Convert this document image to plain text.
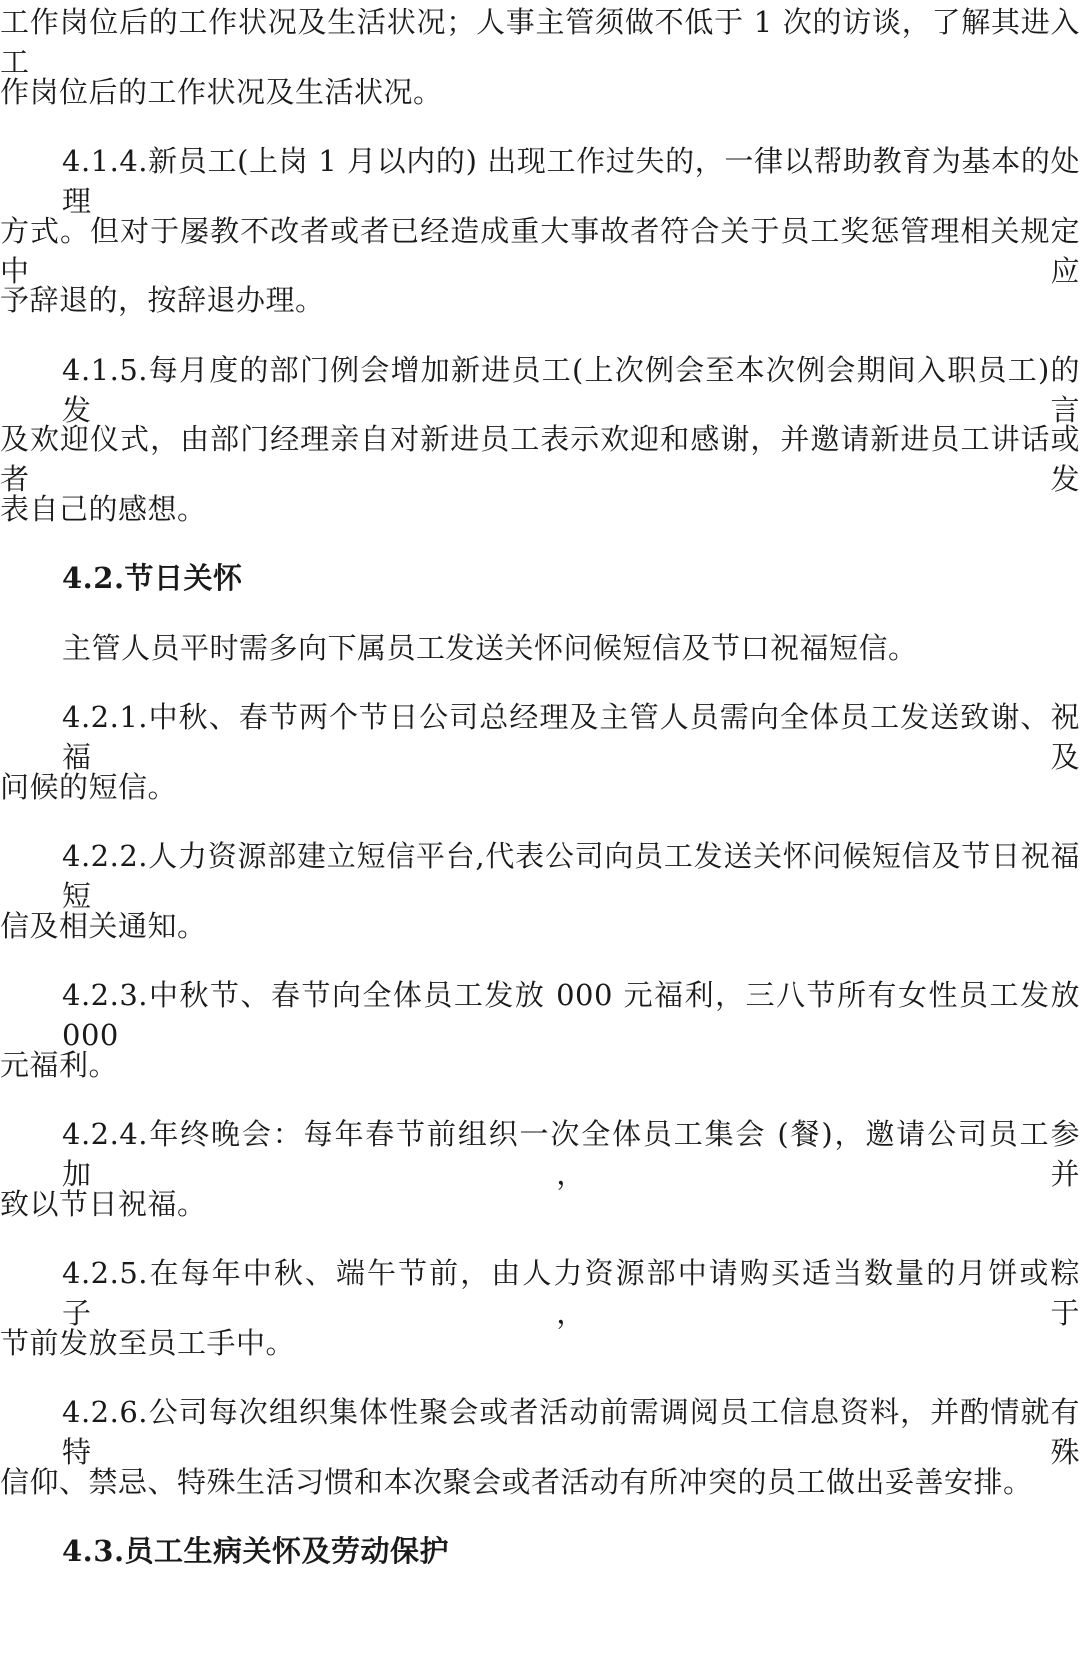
工作岗位后的工作状况及生活状况；人事主管须做不低于 1 次的访谈，了解其进入工
作岗位后的工作状况及生活状况。
4.1.4.新员工(上岗 1 月以内的) 出现工作过失的，一律以帮助教育为基本的处理
方式。但对于屡教不改者或者已经造成重大事故者符合关于员工奖惩管理相关规定中应
予辞退的，按辞退办理。
4.1.5.每月度的部门例会增加新进员工(上次例会至本次例会期间入职员工)的发言
及欢迎仪式，由部门经理亲自对新进员工表示欢迎和感谢，并邀请新进员工讲话或者发
表自己的感想。
4.2.节日关怀
主管人员平时需多向下属员工发送关怀问候短信及节口祝福短信。
4.2.1.中秋、春节两个节日公司总经理及主管人员需向全体员工发送致谢、祝福及
问候的短信。
4.2.2.人力资源部建立短信平台,代表公司向员工发送关怀问候短信及节日祝福短
信及相关通知。
4.2.3.中秋节、春节向全体员工发放 000 元福利，三八节所有女性员工发放 000
元福利。
4.2.4.年终晚会：每年春节前组织一次全体员工集会 (餐)，邀请公司员工参加，并
致以节日祝福。
4.2.5.在每年中秋、端午节前，由人力资源部中请购买适当数量的月饼或粽子，于
节前发放至员工手中。
4.2.6.公司每次组织集体性聚会或者活动前需调阅员工信息资料，并酌情就有特殊
信仰、禁忌、特殊生活习惯和本次聚会或者活动有所冲突的员工做出妥善安排。
4.3.员工生病关怀及劳动保护
